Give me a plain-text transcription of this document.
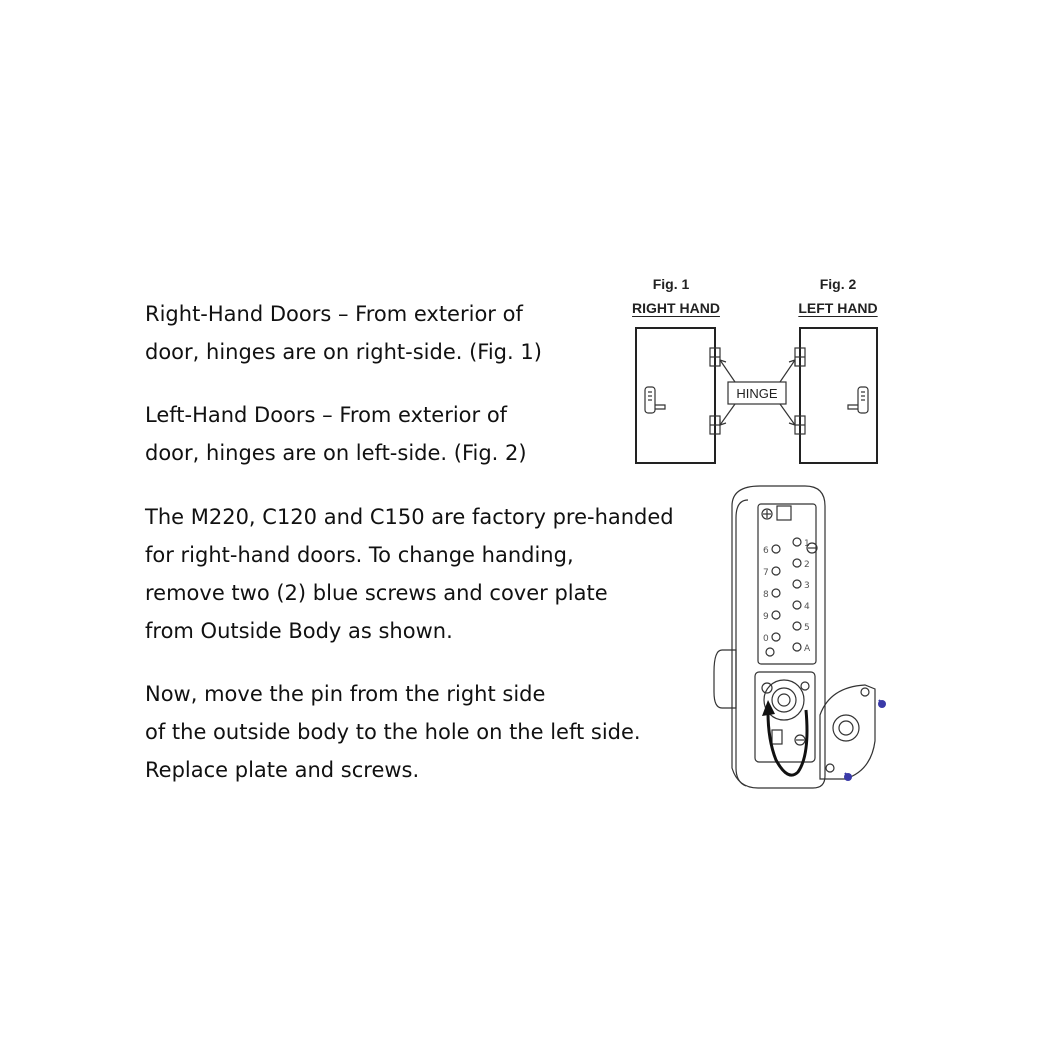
Right-Hand Doors – From exterior of
door, hinges are on right-side. (Fig. 1)
Left-Hand Doors – From exterior of
door, hinges are on left-side. (Fig. 2)
The M220, C120 and C150 are factory pre-handed
for right-hand doors. To change handing,
remove two (2) blue screws and cover plate
from Outside Body as shown.
Now, move the pin from the right side
of the outside body to the hole on the left side.
Replace plate and screws.
Fig. 1
RIGHT HAND
Fig. 2
LEFT HAND
HINGE
6
7
8
9
0
1
2
3
4
5
A
